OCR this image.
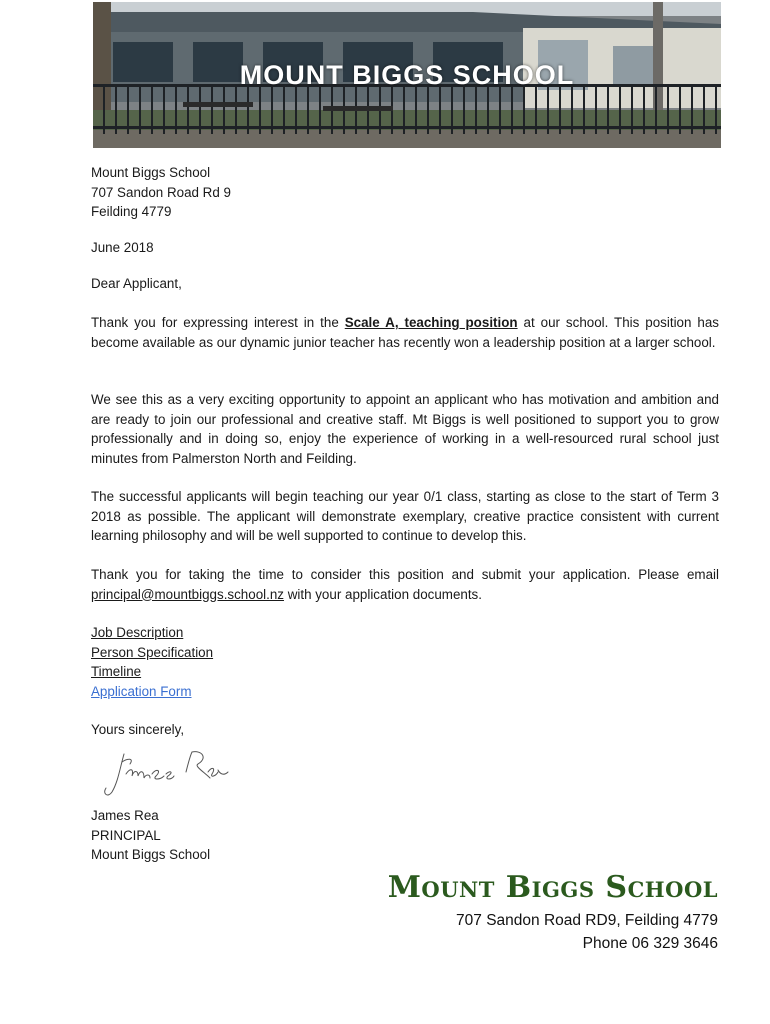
MOUNT BIGGS SCHOOL

Mount Biggs School

707 Sandon Road Rd 9

Feilding 4779

June 2018
Dear Applicant,
Thank you for expressing interest in the Scale A, teaching position at our school. This position has become available as our dynamic junior teacher has recently won a leadership position at a larger school.
We see this as a very exciting opportunity to appoint an applicant who has motivation and ambition and are ready to join our professional and creative staff. Mt Biggs is well positioned to support you to grow professionally and in doing so, enjoy the experience of working in a well-resourced rural school just minutes from Palmerston North and Feilding.
The successful applicants will begin teaching our year 0/1 class, starting as close to the start of Term 3 2018 as possible. The applicant will demonstrate exemplary, creative practice consistent with current learning philosophy and will be well supported to continue to develop this.
Thank you for taking the time to consider this position and submit your application. Please email principal@mountbiggs.school.nz with your application documents.

Job Description

Person Specification

Timeline

Application Form

Yours sincerely,

James Rea

PRINCIPAL

Mount Biggs School

Mount Biggs School
707 Sandon Road RD9, Feilding 4779
Phone 06 329 3646
